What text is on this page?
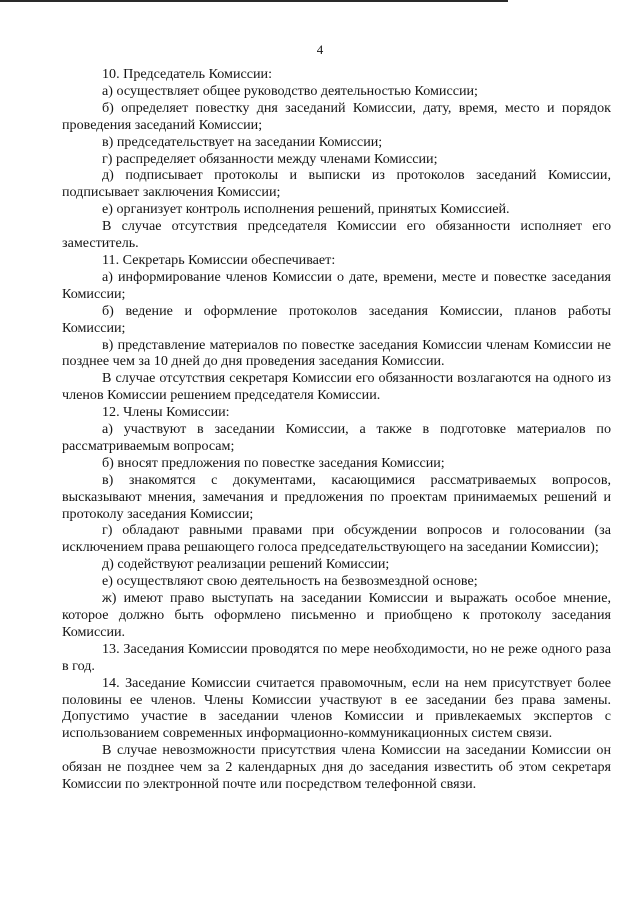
4

10. Председатель Комиссии:

а) осуществляет общее руководство деятельностью Комиссии;

б) определяет повестку дня заседаний Комиссии, дату, время, место и порядок проведения заседаний Комиссии;

в) председательствует на заседании Комиссии;

г) распределяет обязанности между членами Комиссии;

д) подписывает протоколы и выписки из протоколов заседаний Комиссии, подписывает заключения Комиссии;

е) организует контроль исполнения решений, принятых Комиссией.

В случае отсутствия председателя Комиссии его обязанности исполняет его заместитель.

11. Секретарь Комиссии обеспечивает:

а) информирование членов Комиссии о дате, времени, месте и повестке заседания Комиссии;

б) ведение и оформление протоколов заседания Комиссии, планов работы Комиссии;

в) представление материалов по повестке заседания Комиссии членам Комиссии не позднее чем за 10 дней до дня проведения заседания Комиссии.

В случае отсутствия секретаря Комиссии его обязанности возлагаются на одного из членов Комиссии решением председателя Комиссии.

12. Члены Комиссии:

а) участвуют в заседании Комиссии, а также в подготовке материалов по рассматриваемым вопросам;

б) вносят предложения по повестке заседания Комиссии;

в) знакомятся с документами, касающимися рассматриваемых вопросов, высказывают мнения, замечания и предложения по проектам принимаемых решений и протоколу заседания Комиссии;

г) обладают равными правами при обсуждении вопросов и голосовании (за исключением права решающего голоса председательствующего на заседании Комиссии);

д) содействуют реализации решений Комиссии;

е) осуществляют свою деятельность на безвозмездной основе;

ж) имеют право выступать на заседании Комиссии и выражать особое мнение, которое должно быть оформлено письменно и приобщено к протоколу заседания Комиссии.

13. Заседания Комиссии проводятся по мере необходимости, но не реже одного раза в год.

14. Заседание Комиссии считается правомочным, если на нем присутствует более половины ее членов. Члены Комиссии участвуют в ее заседании без права замены. Допустимо участие в заседании членов Комиссии и привлекаемых экспертов с использованием современных информационно-коммуникационных систем связи.

В случае невозможности присутствия члена Комиссии на заседании Комиссии он обязан не позднее чем за 2 календарных дня до заседания известить об этом секретаря Комиссии по электронной почте или посредством телефонной связи.
